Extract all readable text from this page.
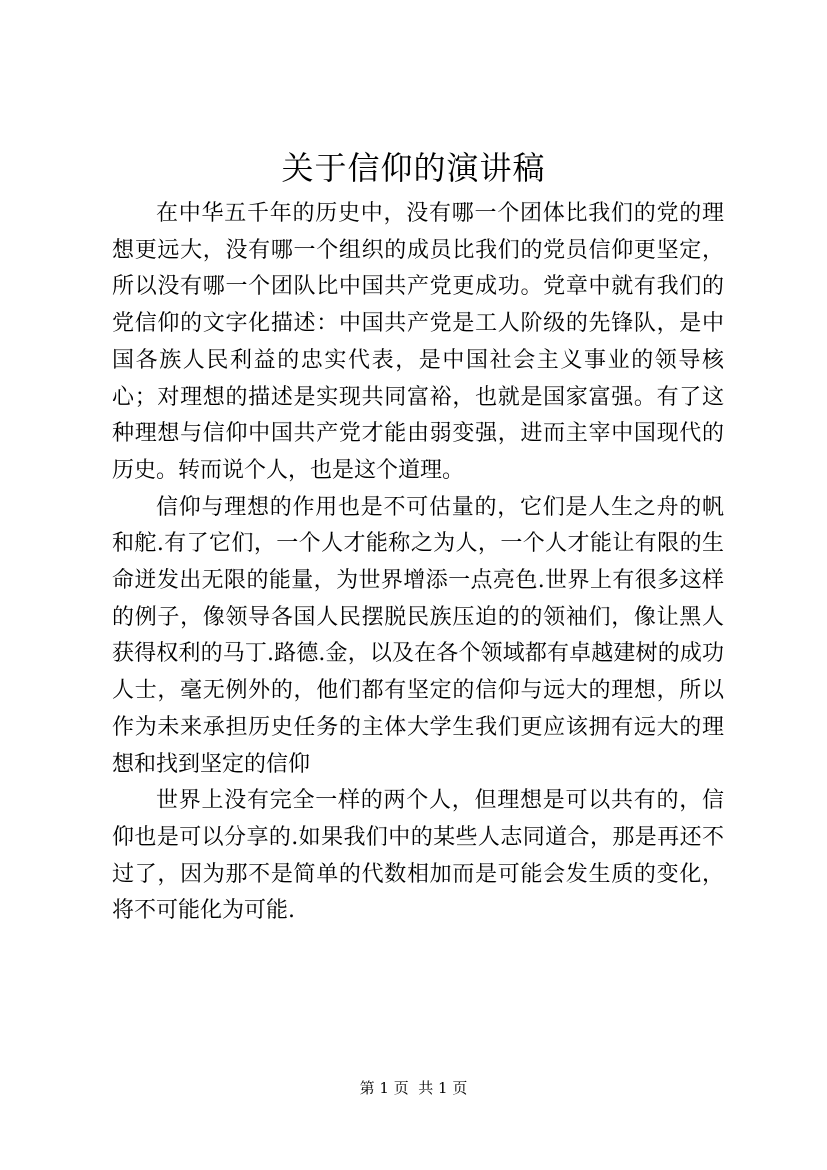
关于信仰的演讲稿

在中华五千年的历史中，没有哪一个团体比我们的党的理想更远大，没有哪一个组织的成员比我们的党员信仰更坚定，所以没有哪一个团队比中国共产党更成功。党章中就有我们的党信仰的文字化描述：中国共产党是工人阶级的先锋队，是中国各族人民利益的忠实代表，是中国社会主义事业的领导核心；对理想的描述是实现共同富裕，也就是国家富强。有了这种理想与信仰中国共产党才能由弱变强，进而主宰中国现代的历史。转而说个人，也是这个道理。

信仰与理想的作用也是不可估量的，它们是人生之舟的帆和舵.有了它们，一个人才能称之为人，一个人才能让有限的生命迸发出无限的能量，为世界增添一点亮色.世界上有很多这样的例子，像领导各国人民摆脱民族压迫的的领袖们，像让黑人获得权利的马丁.路德.金，以及在各个领域都有卓越建树的成功人士，毫无例外的，他们都有坚定的信仰与远大的理想，所以作为未来承担历史任务的主体大学生我们更应该拥有远大的理想和找到坚定的信仰

世界上没有完全一样的两个人，但理想是可以共有的，信仰也是可以分享的.如果我们中的某些人志同道合，那是再还不过了，因为那不是简单的代数相加而是可能会发生质的变化，将不可能化为可能.

第 1 页  共 1 页
